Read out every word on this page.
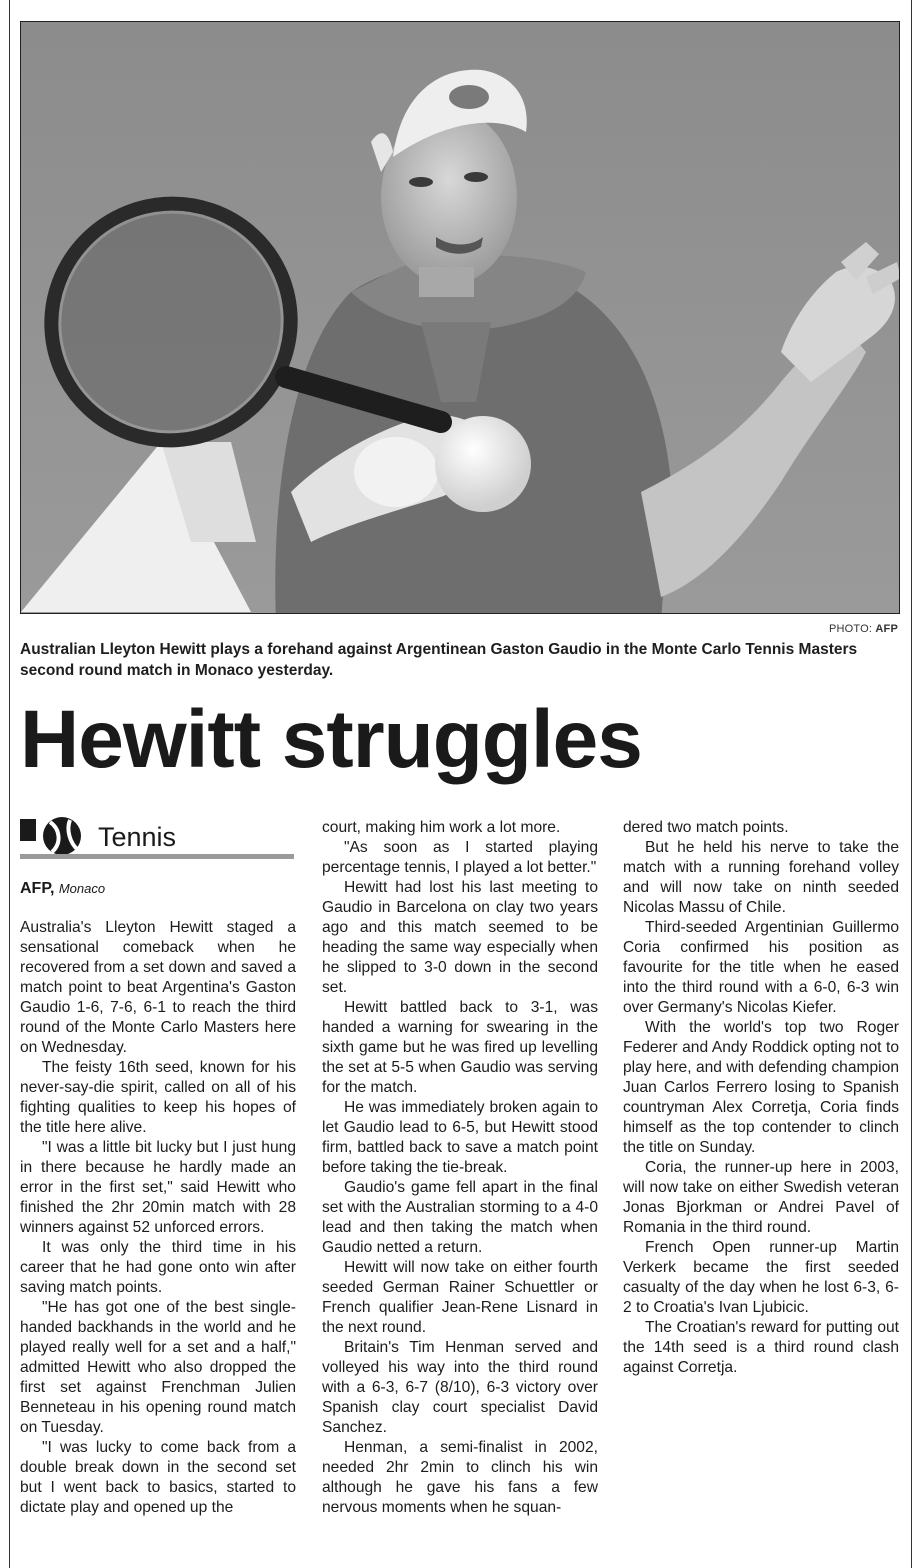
PHOTO: AFP
Australian Lleyton Hewitt plays a forehand against Argentinean Gaston Gaudio in the Monte Carlo Tennis Masters second round match in Monaco yesterday.
Hewitt struggles
Tennis
AFP, Monaco

Australia's Lleyton Hewitt staged a sensational comeback when he recovered from a set down and saved a match point to beat Argentina's Gaston Gaudio 1-6, 7-6, 6-1 to reach the third round of the Monte Carlo Masters here on Wednesday.

The feisty 16th seed, known for his never-say-die spirit, called on all of his fighting qualities to keep his hopes of the title here alive.

"I was a little bit lucky but I just hung in there because he hardly made an error in the first set," said Hewitt who finished the 2hr 20min match with 28 winners against 52 unforced errors.

It was only the third time in his career that he had gone onto win after saving match points.

"He has got one of the best single-handed backhands in the world and he played really well for a set and a half," admitted Hewitt who also dropped the first set against Frenchman Julien Benneteau in his opening round match on Tuesday.

"I was lucky to come back from a double break down in the second set but I went back to basics, started to dictate play and opened up the

court, making him work a lot more.

"As soon as I started playing percentage tennis, I played a lot better."

Hewitt had lost his last meeting to Gaudio in Barcelona on clay two years ago and this match seemed to be heading the same way especially when he slipped to 3-0 down in the second set.

Hewitt battled back to 3-1, was handed a warning for swearing in the sixth game but he was fired up levelling the set at 5-5 when Gaudio was serving for the match.

He was immediately broken again to let Gaudio lead to 6-5, but Hewitt stood firm, battled back to save a match point before taking the tie-break.

Gaudio's game fell apart in the final set with the Australian storming to a 4-0 lead and then taking the match when Gaudio netted a return.

Hewitt will now take on either fourth seeded German Rainer Schuettler or French qualifier Jean-Rene Lisnard in the next round.

Britain's Tim Henman served and volleyed his way into the third round with a 6-3, 6-7 (8/10), 6-3 victory over Spanish clay court specialist David Sanchez.

Henman, a semi-finalist in 2002, needed 2hr 2min to clinch his win although he gave his fans a few nervous moments when he squan-

dered two match points.

But he held his nerve to take the match with a running forehand volley and will now take on ninth seeded Nicolas Massu of Chile.

Third-seeded Argentinian Guillermo Coria confirmed his position as favourite for the title when he eased into the third round with a 6-0, 6-3 win over Germany's Nicolas Kiefer.

With the world's top two Roger Federer and Andy Roddick opting not to play here, and with defending champion Juan Carlos Ferrero losing to Spanish countryman Alex Corretja, Coria finds himself as the top contender to clinch the title on Sunday.

Coria, the runner-up here in 2003, will now take on either Swedish veteran Jonas Bjorkman or Andrei Pavel of Romania in the third round.

French Open runner-up Martin Verkerk became the first seeded casualty of the day when he lost 6-3, 6-2 to Croatia's Ivan Ljubicic.

The Croatian's reward for putting out the 14th seed is a third round clash against Corretja.
